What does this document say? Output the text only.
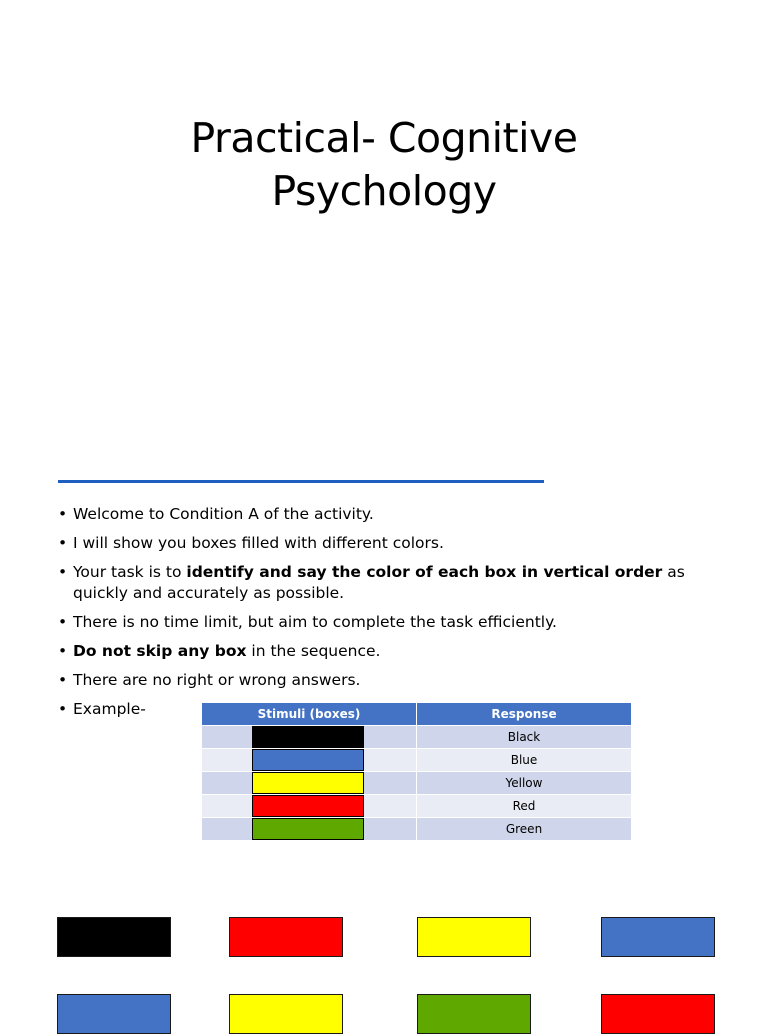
Practical- Cognitive
Psychology
• Welcome to Condition A of the activity.
• I will show you boxes filled with different colors.
• Your task is to identify and say the color of each box in vertical order as quickly and accurately as possible.
• There is no time limit, but aim to complete the task efficiently.
• Do not skip any box in the sequence.
• There are no right or wrong answers.
• Example-	Stimuli (boxes)	Response

	Black

	Blue

	Yellow

	Red

	Green
